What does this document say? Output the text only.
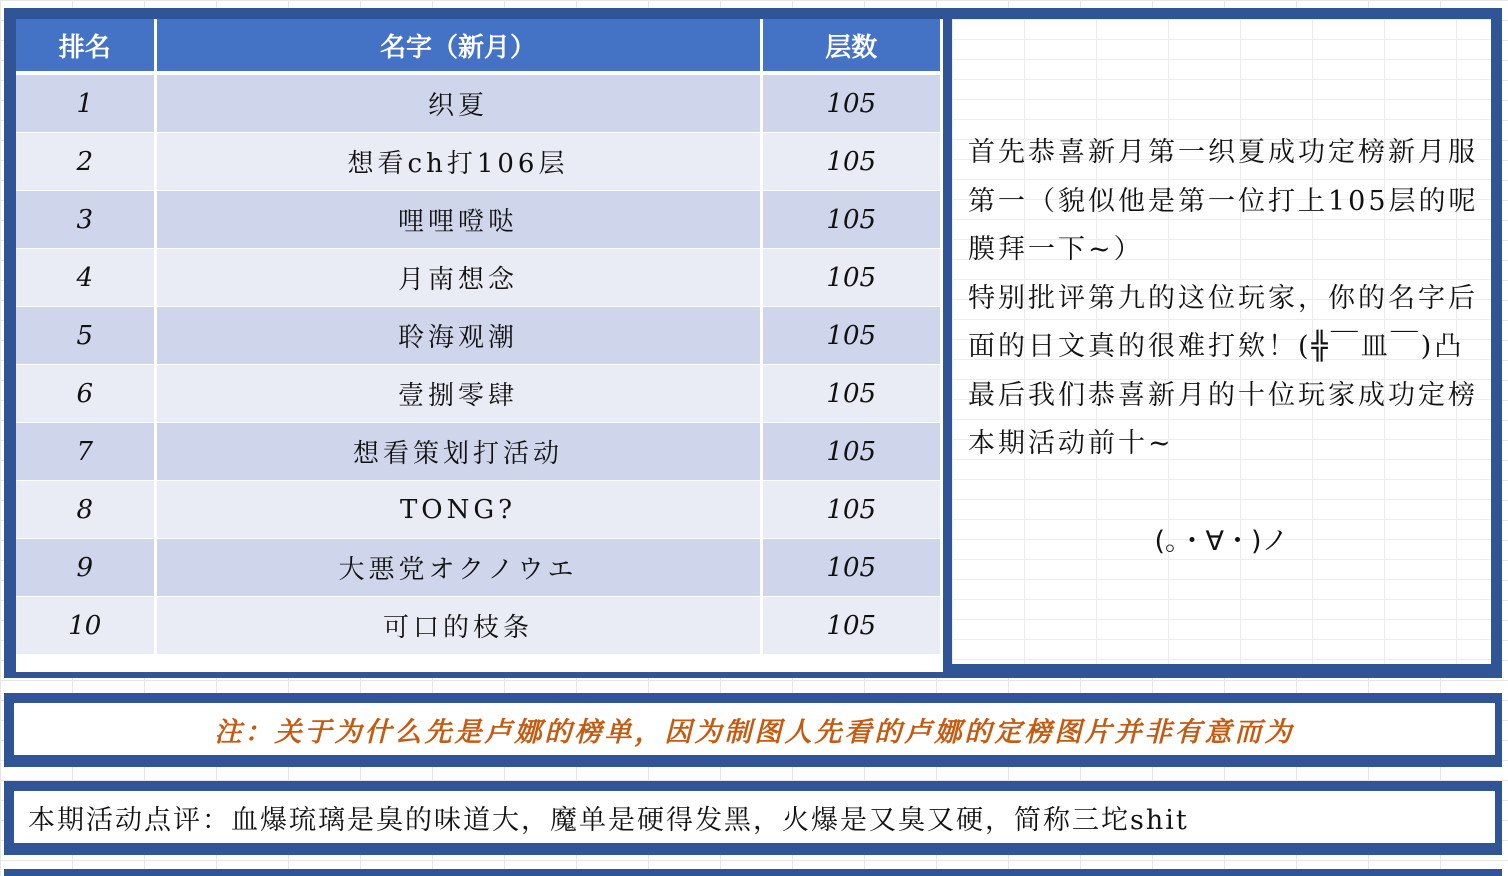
排名	名字（新月）	层数
1	织夏	105
2	想看ch打106层	105
3	哩哩噔哒	105
4	月南想念	105
5	聆海观潮	105
6	壹捌零肆	105
7	想看策划打活动	105
8	TONG?	105
9	大悪党オクノウエ	105
10	可口的枝条	105

首先恭喜新月第一织夏成功定榜新月服第一（貌似他是第一位打上105层的呢膜拜一下~）
特别批评第九的这位玩家，你的名字后面的日文真的很难打欸！(╬￣皿￣)凸
最后我们恭喜新月的十位玩家成功定榜本期活动前十~

(。・∀・)ノ
注：关于为什么先是卢娜的榜单，因为制图人先看的卢娜的定榜图片并非有意而为
本期活动点评：血爆琉璃是臭的味道大，魔单是硬得发黑，火爆是又臭又硬，简称三坨shit
